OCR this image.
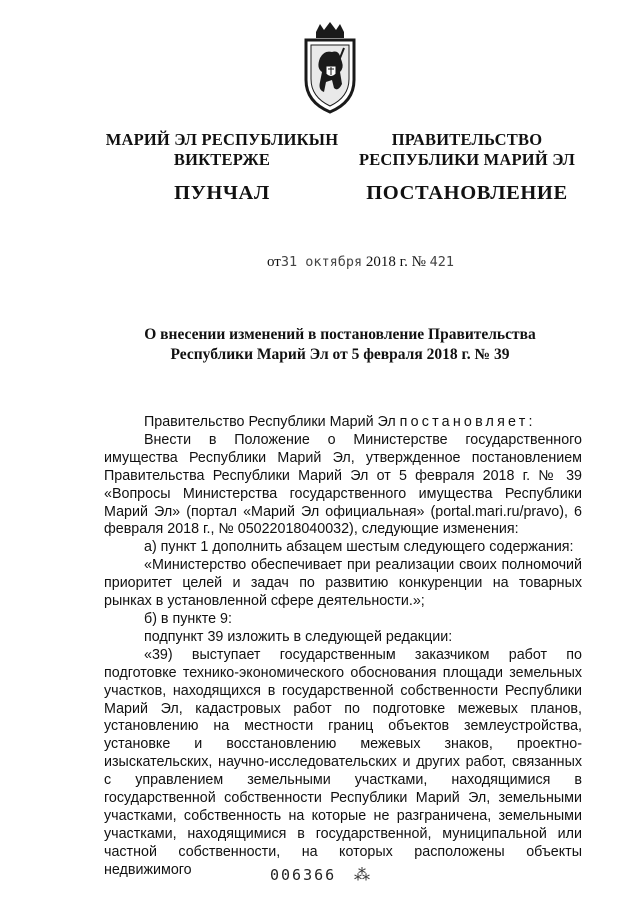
МАРИЙ ЭЛ РЕСПУБЛИКЫН
ВИКТЕРЖЕ
ПУНЧАЛ
ПРАВИТЕЛЬСТВО
РЕСПУБЛИКИ МАРИЙ ЭЛ
ПОСТАНОВЛЕНИЕ
от31 октября 2018 г. № 421
О внесении изменений в постановление Правительства
Республики Марий Эл от 5 февраля 2018 г. № 39

Правительство Республики Марий Эл постановляет:

Внести в Положение о Министерстве государственного имущества Республики Марий Эл, утвержденное постановлением Правительства Республики Марий Эл от 5 февраля 2018 г. № 39 «Вопросы Министерства государственного имущества Республики Марий Эл» (портал «Марий Эл официальная» (portal.mari.ru/pravo), 6 февраля 2018 г., № 05022018040032), следующие изменения:

а) пункт 1 дополнить абзацем шестым следующего содержания:

«Министерство обеспечивает при реализации своих полномочий приоритет целей и задач по развитию конкуренции на товарных рынках в установленной сфере деятельности.»;

б) в пункте 9:

подпункт 39 изложить в следующей редакции:

«39) выступает государственным заказчиком работ по подготовке технико-экономического обоснования площади земельных участков, находящихся в государственной собственности Республики Марий Эл, кадастровых работ по подготовке межевых планов, установлению на местности границ объектов землеустройства, установке и восстановлению межевых знаков, проектно-изыскательских, научно-исследовательских и других работ, связанных с управлением земельными участками, находящимися в государственной собственности Республики Марий Эл, земельными участками, собственность на которые не разграничена, земельными участками, находящимися в государственной, муниципальной или частной собственности, на которых расположены объекты недвижимого	006366 ⁂
